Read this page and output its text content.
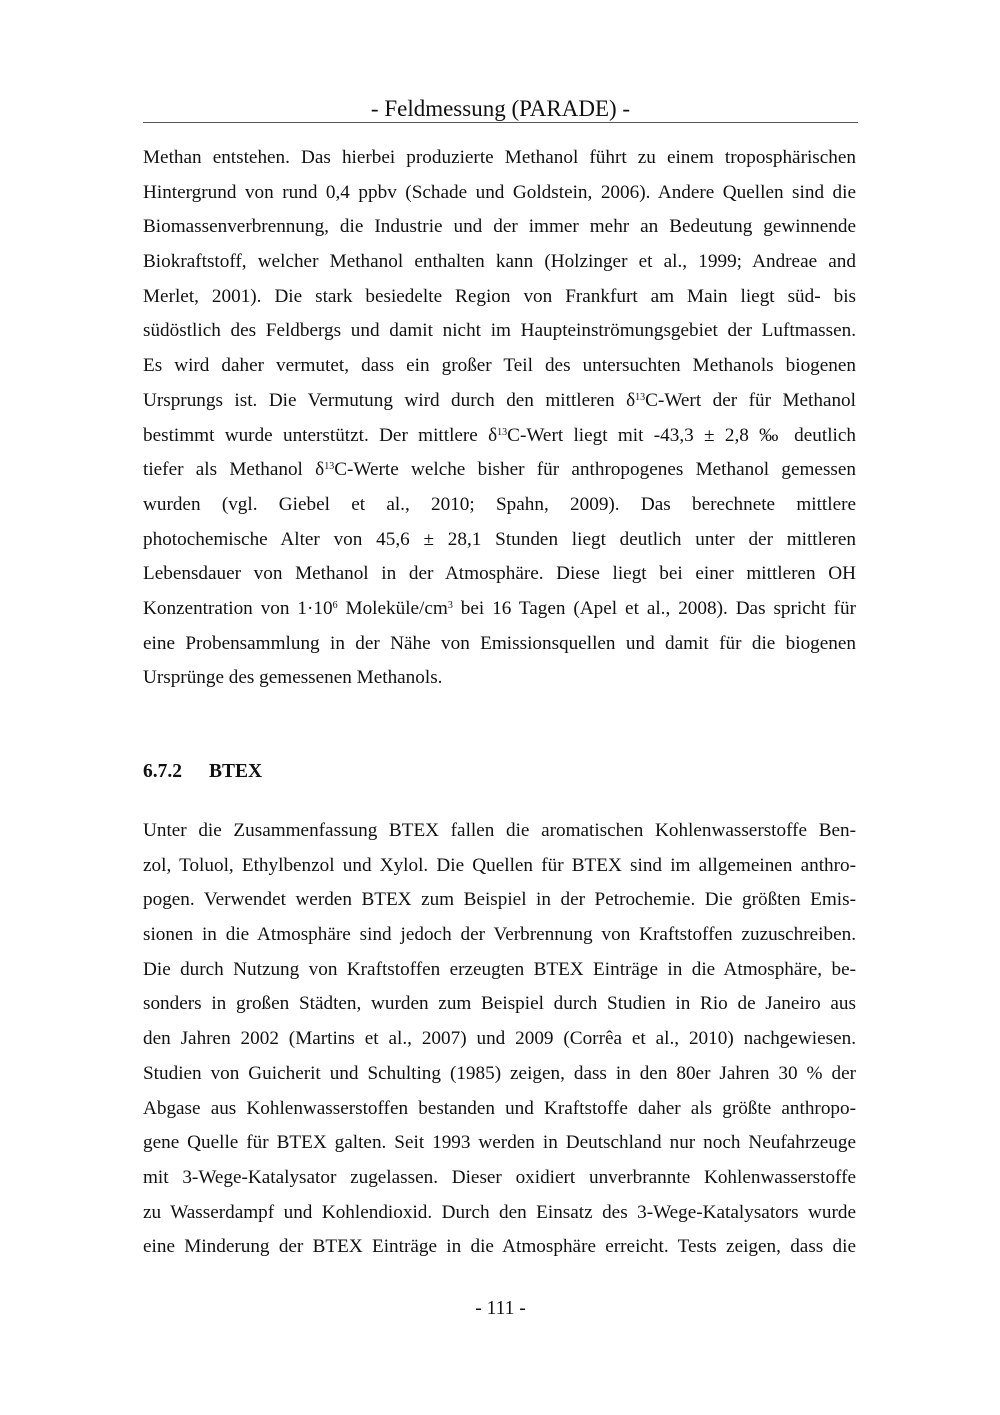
- Feldmessung (PARADE) -
Methan entstehen. Das hierbei produzierte Methanol führt zu einem troposphärischen
Hintergrund von rund 0,4 ppbv (Schade und Goldstein, 2006). Andere Quellen sind die
Biomassenverbrennung, die Industrie und der immer mehr an Bedeutung gewinnende
Biokraftstoff, welcher Methanol enthalten kann (Holzinger et al., 1999; Andreae and
Merlet, 2001). Die stark besiedelte Region von Frankfurt am Main liegt süd- bis
südöstlich des Feldbergs und damit nicht im Haupteinströmungsgebiet der Luftmassen.
Es wird daher vermutet, dass ein großer Teil des untersuchten Methanols biogenen
Ursprungs ist. Die Vermutung wird durch den mittleren $\delta^{13}C$-Wert der für Methanol
bestimmt wurde unterstützt. Der mittlere $\delta^{13}C$-Wert liegt mit -43,3 ± 2,8 ‰ deutlich
tiefer als Methanol $\delta^{13}C$-Werte welche bisher für anthropogenes Methanol gemessen
wurden (vgl. Giebel et al., 2010; Spahn, 2009). Das berechnete mittlere
photochemische Alter von 45,6 ± 28,1 Stunden liegt deutlich unter der mittleren
Lebensdauer von Methanol in der Atmosphäre. Diese liegt bei einer mittleren OH
Konzentration von $1\cdot 10^6$ Moleküle/$cm^3$ bei 16 Tagen (Apel et al., 2008). Das spricht für
eine Probensammlung in der Nähe von Emissionsquellen und damit für die biogenen
Ursprünge des gemessenen Methanols.
6.7.2 BTEX
Unter die Zusammenfassung BTEX fallen die aromatischen Kohlenwasserstoffe Ben-
zol, Toluol, Ethylbenzol und Xylol. Die Quellen für BTEX sind im allgemeinen anthro-
pogen. Verwendet werden BTEX zum Beispiel in der Petrochemie. Die größten Emis-
sionen in die Atmosphäre sind jedoch der Verbrennung von Kraftstoffen zuzuschreiben.
Die durch Nutzung von Kraftstoffen erzeugten BTEX Einträge in die Atmosphäre, be-
sonders in großen Städten, wurden zum Beispiel durch Studien in Rio de Janeiro aus
den Jahren 2002 (Martins et al., 2007) und 2009 (Corrêa et al., 2010) nachgewiesen.
Studien von Guicherit und Schulting (1985) zeigen, dass in den 80er Jahren 30 % der
Abgase aus Kohlenwasserstoffen bestanden und Kraftstoffe daher als größte anthropo-
gene Quelle für BTEX galten. Seit 1993 werden in Deutschland nur noch Neufahrzeuge
mit 3-Wege-Katalysator zugelassen. Dieser oxidiert unverbrannte Kohlenwasserstoffe
zu Wasserdampf und Kohlendioxid. Durch den Einsatz des 3-Wege-Katalysators wurde
eine Minderung der BTEX Einträge in die Atmosphäre erreicht. Tests zeigen, dass die
- 111 -
